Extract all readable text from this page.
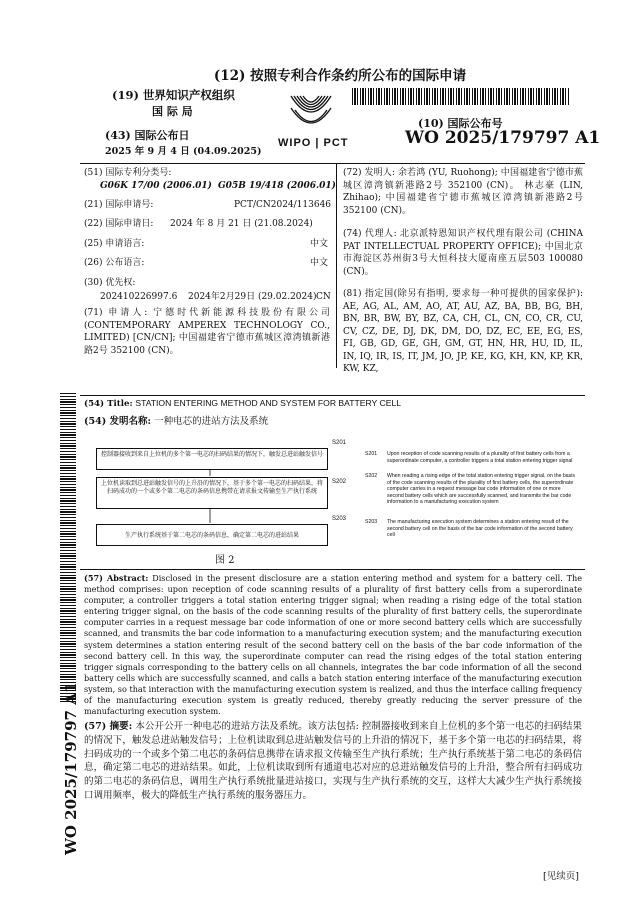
(12) 按照专利合作条约所公布的国际申请
(19) 世界知识产权组织
国 际 局
(43) 国际公布日
2025 年 9 月 4 日 (04.09.2025)
WIPO | PCT
(10) 国际公布号
WO 2025/179797 A1
(51) 国际专利分类号:
G06K 17/00 (2006.01) G05B 19/418 (2006.01)
(21) 国际申请号:	PCT/CN2024/113646
(22) 国际申请日: 2024 年 8 月 21 日 (21.08.2024)
(25) 申请语言:	中文
(26) 公布语言:	中文
(30) 优先权:
202410226997.6 2024年2月29日 (29.02.2024) CN
(71) 申请人: 宁德时代新能源科技股份有限公司 (CONTEMPORARY AMPEREX TECHNOLOGY CO., LIMITED) [CN/CN]; 中国福建省宁德市蕉城区漳湾镇新港路2号 352100 (CN)。
(72) 发明人: 余若鸿 (YU, Ruohong); 中国福建省宁德市蕉城区漳湾镇新港路2号 352100 (CN)。 林志豪 (LIN, Zhihao); 中国福建省宁德市蕉城区漳湾镇新港路2号 352100 (CN)。
(74) 代理人: 北京派特恩知识产权代理有限公司 (CHINA PAT INTELLECTUAL PROPERTY OFFICE); 中国北京市海淀区苏州街3号大恒科技大厦南座五层503 100080 (CN)。
(81) 指定国(除另有指明, 要求每一种可提供的国家保护): AE, AG, AL, AM, AO, AT, AU, AZ, BA, BB, BG, BH, BN, BR, BW, BY, BZ, CA, CH, CL, CN, CO, CR, CU, CV, CZ, DE, DJ, DK, DM, DO, DZ, EC, EE, EG, ES, FI, GB, GD, GE, GH, GM, GT, HN, HR, HU, ID, IL, IN, IQ, IR, IS, IT, JM, JO, JP, KE, KG, KH, KN, KP, KR, KW, KZ,
WO 2025/179797 A1
(54) Title: STATION ENTERING METHOD AND SYSTEM FOR BATTERY CELL
(54) 发明名称: 一种电芯的进站方法及系统
控制器接收到来自上位机的多个第一电芯的扫码结果的情况下，触发总进站触发信号
S201
上位机读取到总进站触发信号的上升沿的情况下，基于多个第一电芯的扫码结果，将扫码成功的一个或多个第二电芯的条码信息携带在请求报文传输至生产执行系统
S202
生产执行系统基于第二电芯的条码信息，确定第二电芯的进站结果
S203
图 2
S201 Upon reception of code scanning results of a plurality of first battery cells from a superordinate computer, a controller triggers a total station entering trigger signal
S202 When reading a rising edge of the total station entering trigger signal, on the basis of the code scanning results of the plurality of first battery cells, the superordinate computer carries in a request message bar code information of one or more second battery cells which are successfully scanned, and transmits the bar code information to a manufacturing execution system
S203 The manufacturing execution system determines a station entering result of the second battery cell on the basis of the bar code information of the second battery cell
(57) Abstract: Disclosed in the present disclosure are a station entering method and system for a battery cell. The method comprises: upon reception of code scanning results of a plurality of first battery cells from a superordinate computer, a controller triggers a total station entering trigger signal; when reading a rising edge of the total station entering trigger signal, on the basis of the code scanning results of the plurality of first battery cells, the superordinate computer carries in a request message bar code information of one or more second battery cells which are successfully scanned, and transmits the bar code information to a manufacturing execution system; and the manufacturing execution system determines a station entering result of the second battery cell on the basis of the bar code information of the second battery cell. In this way, the superordinate computer can read the rising edges of the total station entering trigger signals corresponding to the battery cells on all channels, integrates the bar code information of all the second battery cells which are successfully scanned, and calls a batch station entering interface of the manufacturing execution system, so that interaction with the manufacturing execution system is realized, and thus the interface calling frequency of the manufacturing execution system is greatly reduced, thereby greatly reducing the server pressure of the manufacturing execution system.
(57) 摘要: 本公开公开一种电芯的进站方法及系统。该方法包括: 控制器接收到来自上位机的多个第一电芯的扫码结果的情况下，触发总进站触发信号；上位机读取到总进站触发信号的上升沿的情况下，基于多个第一电芯的扫码结果，将扫码成功的一个或多个第二电芯的条码信息携带在请求报文传输至生产执行系统；生产执行系统基于第二电芯的条码信息，确定第二电芯的进站结果。如此，上位机读取到所有通道电芯对应的总进站触发信号的上升沿，整合所有扫码成功的第二电芯的条码信息，调用生产执行系统批量进站接口，实现与生产执行系统的交互，这样大大减少生产执行系统接口调用频率，极大的降低生产执行系统的服务器压力。
[见续页]
